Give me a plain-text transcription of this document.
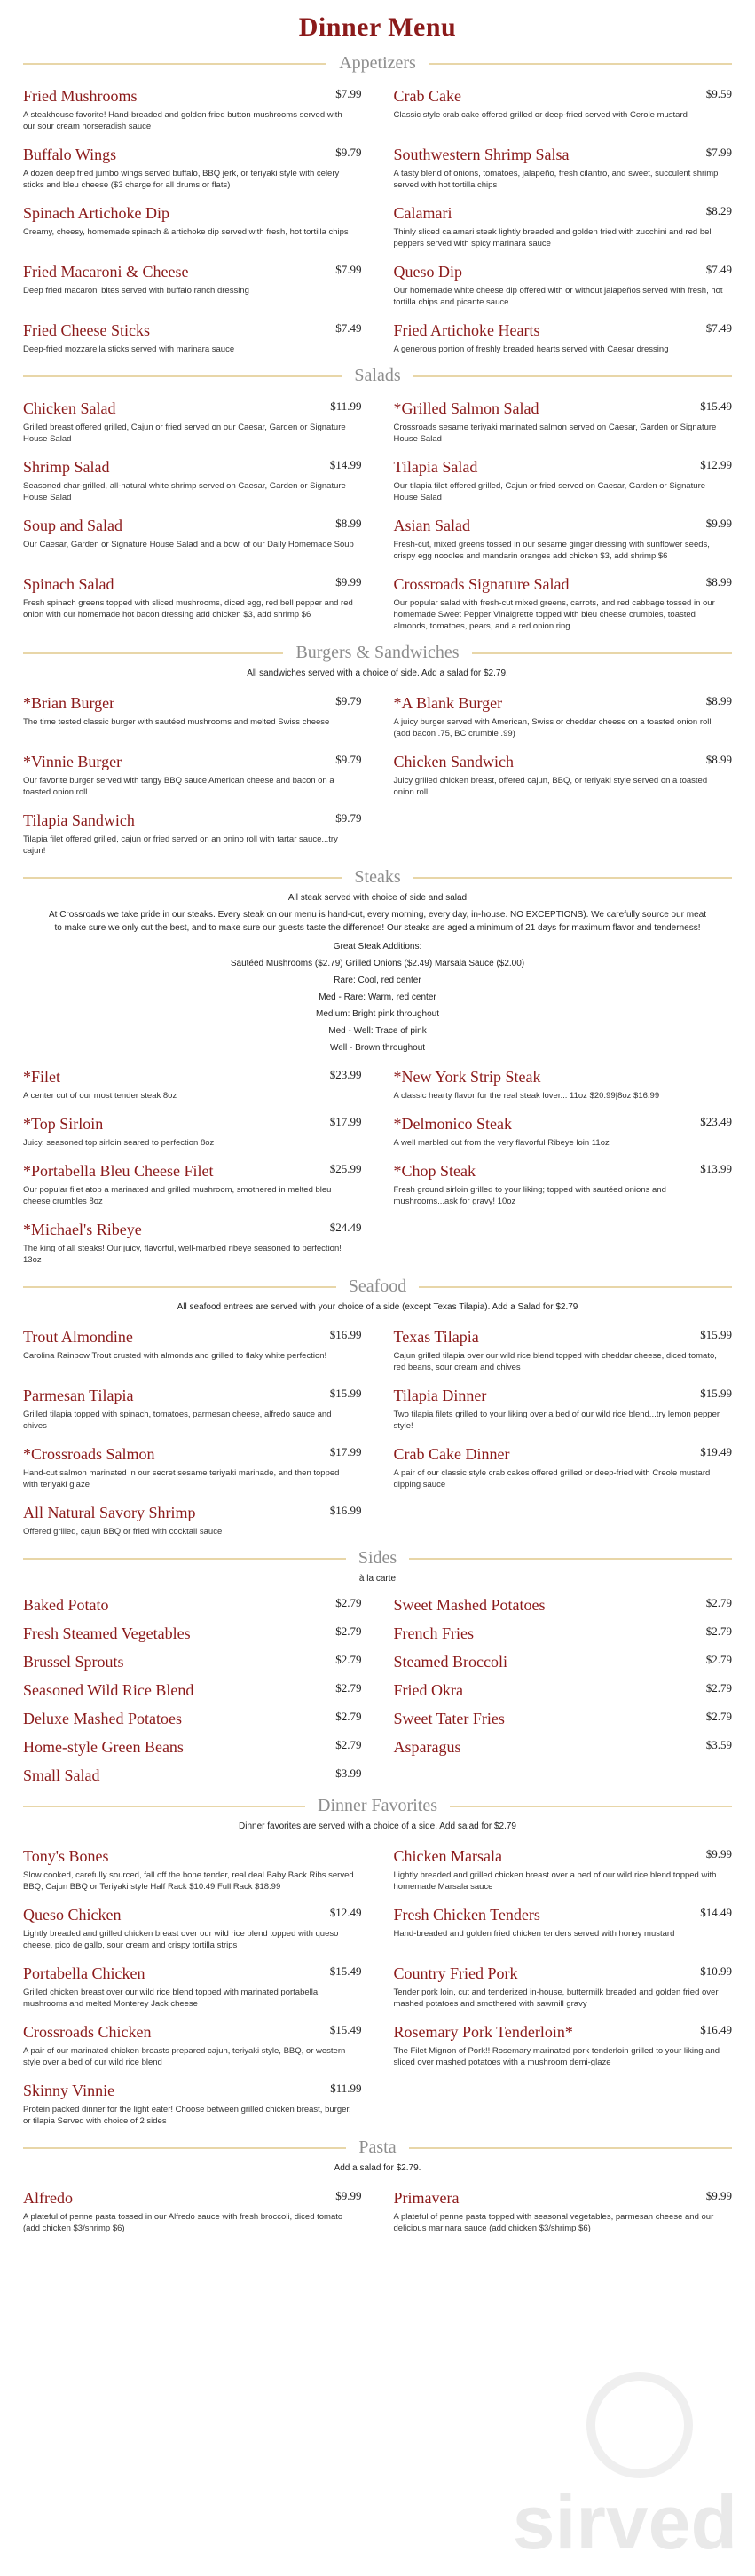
Dinner Menu
Appetizers
Fried Mushrooms	$7.99
A steakhouse favorite! Hand-breaded and golden fried button mushrooms served with our sour cream horseradish sauce
Crab Cake	$9.59
Classic style crab cake offered grilled or deep-fried served with Cerole mustard
Buffalo Wings	$9.79
A dozen deep fried jumbo wings served buffalo, BBQ jerk, or teriyaki style with celery sticks and bleu cheese ($3 charge for all drums or flats)
Southwestern Shrimp Salsa	$7.99
A tasty blend of onions, tomatoes, jalapeño, fresh cilantro, and sweet, succulent shrimp served with hot tortilla chips
Spinach Artichoke Dip
Creamy, cheesy, homemade spinach & artichoke dip served with fresh, hot tortilla chips
Calamari	$8.29
Thinly sliced calamari steak lightly breaded and golden fried with zucchini and red bell peppers served with spicy marinara sauce
Fried Macaroni & Cheese	$7.99
Deep fried macaroni bites served with buffalo ranch dressing
Queso Dip	$7.49
Our homemade white cheese dip offered with or without jalapeños served with fresh, hot tortilla chips and picante sauce
Fried Cheese Sticks	$7.49
Deep-fried mozzarella sticks served with marinara sauce
Fried Artichoke Hearts	$7.49
A generous portion of freshly breaded hearts served with Caesar dressing
Salads
Chicken Salad	$11.99
Grilled breast offered grilled, Cajun or fried served on our Caesar, Garden or Signature House Salad
*Grilled Salmon Salad	$15.49
Crossroads sesame teriyaki marinated salmon served on Caesar, Garden or Signature House Salad
Shrimp Salad	$14.99
Seasoned char-grilled, all-natural white shrimp served on Caesar, Garden or Signature House Salad
Tilapia Salad	$12.99
Our tilapia filet offered grilled, Cajun or fried served on Caesar, Garden or Signature House Salad
Soup and Salad	$8.99
Our Caesar, Garden or Signature House Salad and a bowl of our Daily Homemade Soup
Asian Salad	$9.99
Fresh-cut, mixed greens tossed in our sesame ginger dressing with sunflower seeds, crispy egg noodles and mandarin oranges add chicken $3, add shrimp $6
Spinach Salad	$9.99
Fresh spinach greens topped with sliced mushrooms, diced egg, red bell pepper and red onion with our homemade hot bacon dressing add chicken $3, add shrimp $6
Crossroads Signature Salad	$8.99
Our popular salad with fresh-cut mixed greens, carrots, and red cabbage tossed in our homemade Sweet Pepper Vinaigrette topped with bleu cheese crumbles, toasted almonds, tomatoes, pears, and a red onion ring
Burgers & Sandwiches
All sandwiches served with a choice of side. Add a salad for $2.79.
*Brian Burger	$9.79
The time tested classic burger with sautéed mushrooms and melted Swiss cheese
*A Blank Burger	$8.99
A juicy burger served with American, Swiss or cheddar cheese on a toasted onion roll (add bacon .75, BC crumble .99)
*Vinnie Burger	$9.79
Our favorite burger served with tangy BBQ sauce American cheese and bacon on a toasted onion roll
Chicken Sandwich	$8.99
Juicy grilled chicken breast, offered cajun, BBQ, or teriyaki style served on a toasted onion roll
Tilapia Sandwich	$9.79
Tilapia filet offered grilled, cajun or fried served on an onino roll with tartar sauce...try cajun!
Steaks
All steak served with choice of side and salad
At Crossroads we take pride in our steaks. Every steak on our menu is hand-cut, every morning, every day, in-house. NO EXCEPTIONS). We carefully source our meat to make sure we only cut the best, and to make sure our guests taste the difference! Our steaks are aged a minimum of 21 days for maximum flavor and tenderness!
Great Steak Additions:
Sautéed Mushrooms ($2.79) Grilled Onions ($2.49) Marsala Sauce ($2.00)
Rare: Cool, red center
Med - Rare: Warm, red center
Medium: Bright pink throughout
Med - Well: Trace of pink
Well - Brown throughout
*Filet	$23.99
A center cut of our most tender steak 8oz
*New York Strip Steak
A classic hearty flavor for the real steak lover... 11oz $20.99|8oz $16.99
*Top Sirloin	$17.99
Juicy, seasoned top sirloin seared to perfection 8oz
*Delmonico Steak	$23.49
A well marbled cut from the very flavorful Ribeye loin 11oz
*Portabella Bleu Cheese Filet	$25.99
Our popular filet atop a marinated and grilled mushroom, smothered in melted bleu cheese crumbles 8oz
*Chop Steak	$13.99
Fresh ground sirloin grilled to your liking; topped with sautéed onions and mushrooms...ask for gravy! 10oz
*Michael's Ribeye	$24.49
The king of all steaks! Our juicy, flavorful, well-marbled ribeye seasoned to perfection! 13oz
Seafood
All seafood entrees are served with your choice of a side (except Texas Tilapia). Add a Salad for $2.79
Trout Almondine	$16.99
Carolina Rainbow Trout crusted with almonds and grilled to flaky white perfection!
Texas Tilapia	$15.99
Cajun grilled tilapia over our wild rice blend topped with cheddar cheese, diced tomato, red beans, sour cream and chives
Parmesan Tilapia	$15.99
Grilled tilapia topped with spinach, tomatoes, parmesan cheese, alfredo sauce and chives
Tilapia Dinner	$15.99
Two tilapia filets grilled to your liking over a bed of our wild rice blend...try lemon pepper style!
*Crossroads Salmon	$17.99
Hand-cut salmon marinated in our secret sesame teriyaki marinade, and then topped with teriyaki glaze
Crab Cake Dinner	$19.49
A pair of our classic style crab cakes offered grilled or deep-fried with Creole mustard dipping sauce
All Natural Savory Shrimp	$16.99
Offered grilled, cajun BBQ or fried with cocktail sauce
Sides
à la carte
Baked Potato	$2.79 Sweet Mashed Potatoes	$2.79
Fresh Steamed Vegetables	$2.79 French Fries	$2.79
Brussel Sprouts	$2.79 Steamed Broccoli	$2.79
Seasoned Wild Rice Blend	$2.79 Fried Okra	$2.79
Deluxe Mashed Potatoes	$2.79 Sweet Tater Fries	$2.79
Home-style Green Beans	$2.79 Asparagus	$3.59
Small Salad	$3.99
Dinner Favorites
Dinner favorites are served with a choice of a side. Add salad for $2.79
Tony's Bones
Slow cooked, carefully sourced, fall off the bone tender, real deal Baby Back Ribs served BBQ, Cajun BBQ or Teriyaki style Half Rack $10.49 Full Rack $18.99
Chicken Marsala	$9.99
Lightly breaded and grilled chicken breast over a bed of our wild rice blend topped with homemade Marsala sauce
Queso Chicken	$12.49
Lightly breaded and grilled chicken breast over our wild rice blend topped with queso cheese, pico de gallo, sour cream and crispy tortilla strips
Fresh Chicken Tenders	$14.49
Hand-breaded and golden fried chicken tenders served with honey mustard
Portabella Chicken	$15.49
Grilled chicken breast over our wild rice blend topped with marinated portabella mushrooms and melted Monterey Jack cheese
Country Fried Pork	$10.99
Tender pork loin, cut and tenderized in-house, buttermilk breaded and golden fried over mashed potatoes and smothered with sawmill gravy
Crossroads Chicken	$15.49
A pair of our marinated chicken breasts prepared cajun, teriyaki style, BBQ, or western style over a bed of our wild rice blend
Rosemary Pork Tenderloin*	$16.49
The Filet Mignon of Pork!! Rosemary marinated pork tenderloin grilled to your liking and sliced over mashed potatoes with a mushroom demi-glaze
Skinny Vinnie	$11.99
Protein packed dinner for the light eater! Choose between grilled chicken breast, burger, or tilapia Served with choice of 2 sides
Pasta
Add a salad for $2.79.
Alfredo	$9.99
A plateful of penne pasta tossed in our Alfredo sauce with fresh broccoli, diced tomato (add chicken $3/shrimp $6)
Primavera	$9.99
A plateful of penne pasta topped with seasonal vegetables, parmesan cheese and our delicious marinara sauce (add chicken $3/shrimp $6)
sirved
